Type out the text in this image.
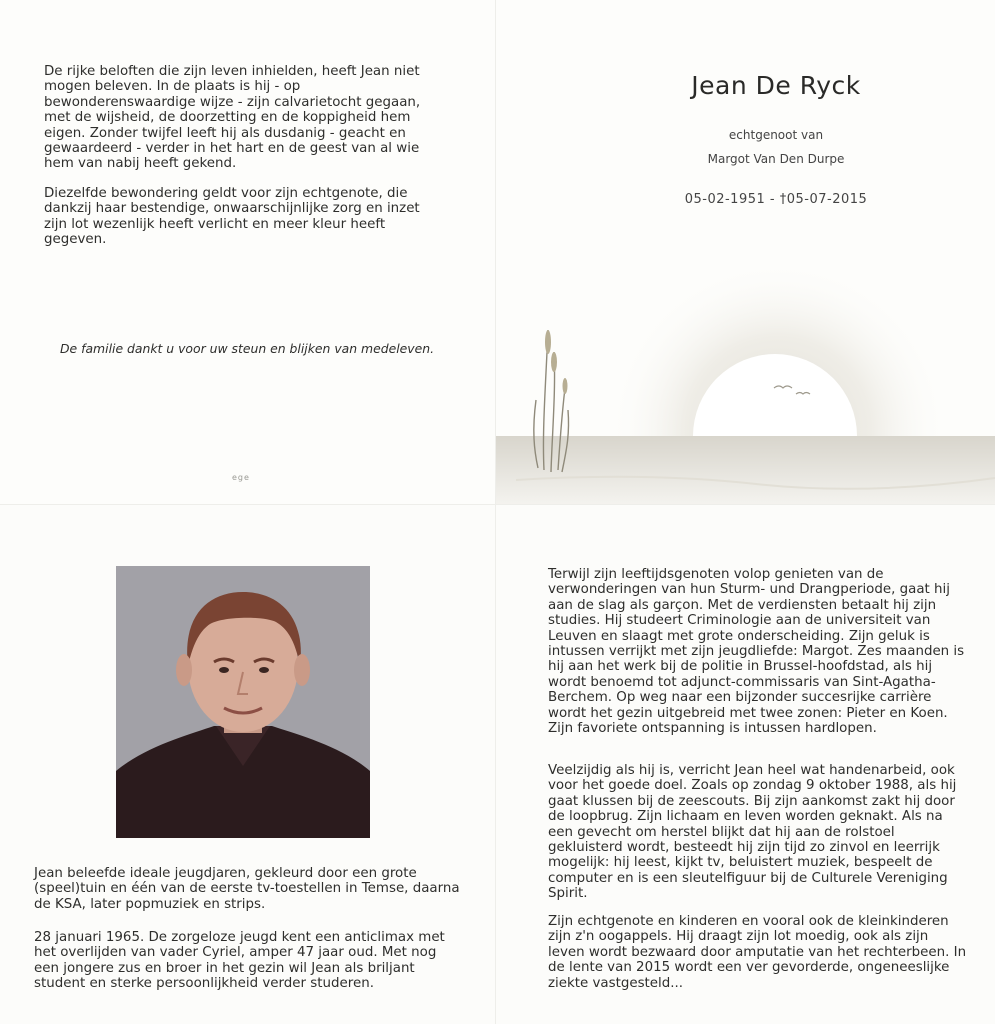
De rijke beloften die zijn leven inhielden, heeft Jean niet mogen beleven. In de plaats is hij - op bewonderenswaardige wijze - zijn calvarietocht gegaan, met de wijsheid, de doorzetting en de koppigheid hem eigen. Zonder twijfel leeft hij als dusdanig - geacht en gewaardeerd - verder in het hart en de geest van al wie hem van nabij heeft gekend.

Diezelfde bewondering geldt voor zijn echtgenote, die dankzij haar bestendige, onwaarschijnlijke zorg en inzet zijn lot wezenlijk heeft verlicht en meer kleur heeft gegeven.

De familie dankt u voor uw steun en blijken van medeleven.
ege
Jean De Ryck
echtgenoot van
Margot Van Den Durpe
05-02-1951 - †05-07-2015

Jean beleefde ideale jeugdjaren, gekleurd door een grote (speel)tuin en één van de eerste tv-toestellen in Temse, daarna de KSA, later popmuziek en strips.

28 januari 1965. De zorgeloze jeugd kent een anticlimax met het overlijden van vader Cyriel, amper 47 jaar oud. Met nog een jongere zus en broer in het gezin wil Jean als briljant student en sterke persoonlijkheid verder studeren.

Terwijl zijn leeftijdsgenoten volop genieten van de verwonderingen van hun Sturm- und Drangperiode, gaat hij aan de slag als garçon. Met de verdiensten betaalt hij zijn studies. Hij studeert Criminologie aan de universiteit van Leuven en slaagt met grote onderscheiding. Zijn geluk is intussen verrijkt met zijn jeugdliefde: Margot. Zes maanden is hij aan het werk bij de politie in Brussel-hoofdstad, als hij wordt benoemd tot adjunct-commissaris van Sint-Agatha-Berchem. Op weg naar een bijzonder succesrijke carrière wordt het gezin uitgebreid met twee zonen: Pieter en Koen. Zijn favoriete ontspanning is intussen hardlopen.

Veelzijdig als hij is, verricht Jean heel wat handenarbeid, ook voor het goede doel. Zoals op zondag 9 oktober 1988, als hij gaat klussen bij de zeescouts. Bij zijn aankomst zakt hij door de loopbrug. Zijn lichaam en leven worden geknakt. Als na een gevecht om herstel blijkt dat hij aan de rolstoel gekluisterd wordt, besteedt hij zijn tijd zo zinvol en leerrijk mogelijk: hij leest, kijkt tv, beluistert muziek, bespeelt de computer en is een sleutelfiguur bij de Culturele Vereniging Spirit.

Zijn echtgenote en kinderen en vooral ook de kleinkinderen zijn z'n oogappels. Hij draagt zijn lot moedig, ook als zijn leven wordt bezwaard door amputatie van het rechterbeen. In de lente van 2015 wordt een ver gevorderde, ongeneeslijke ziekte vastgesteld...
